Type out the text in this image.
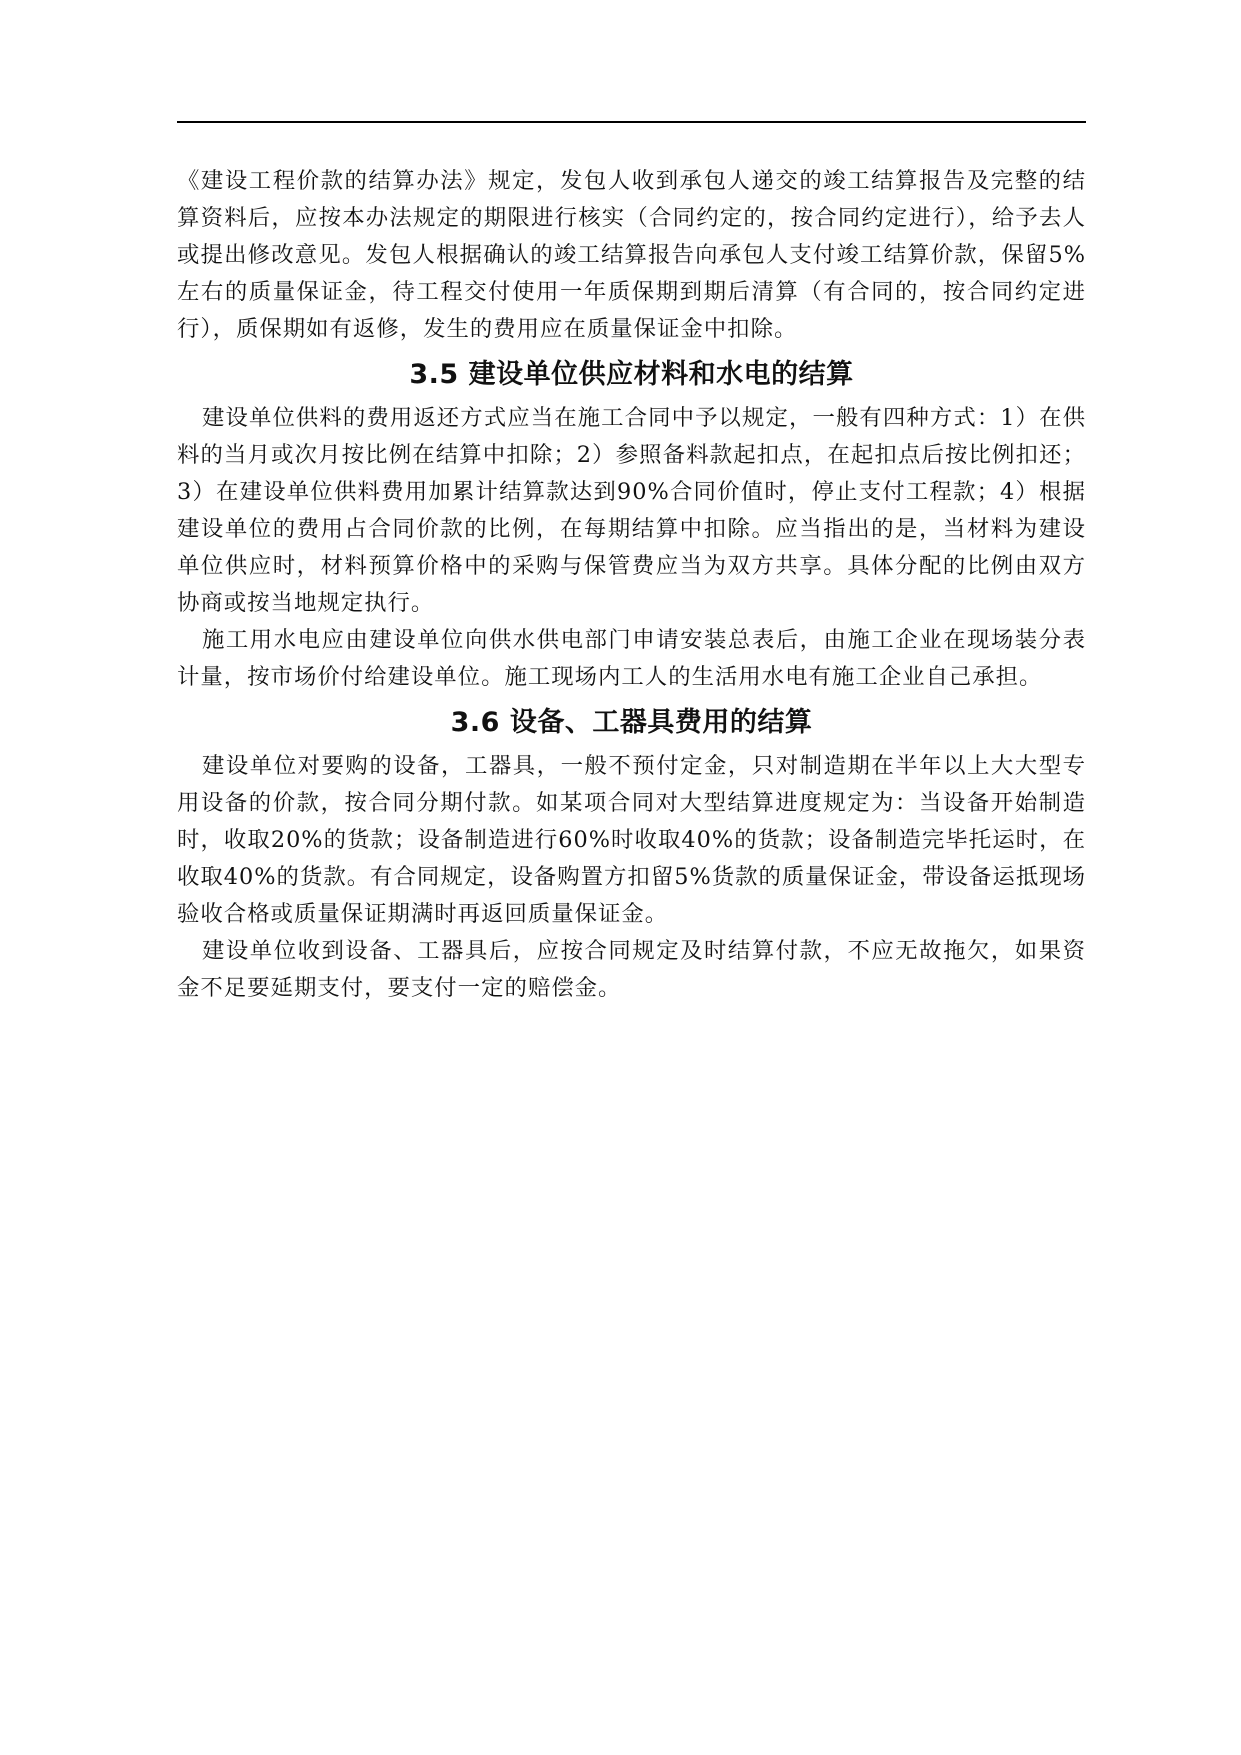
《建设工程价款的结算办法》规定，发包人收到承包人递交的竣工结算报告及完整的结算资料后，应按本办法规定的期限进行核实（合同约定的，按合同约定进行），给予去人或提出修改意见。发包人根据确认的竣工结算报告向承包人支付竣工结算价款，保留5%左右的质量保证金，待工程交付使用一年质保期到期后清算（有合同的，按合同约定进行），质保期如有返修，发生的费用应在质量保证金中扣除。

3.5 建设单位供应材料和水电的结算

建设单位供料的费用返还方式应当在施工合同中予以规定，一般有四种方式：1）在供料的当月或次月按比例在结算中扣除；2）参照备料款起扣点，在起扣点后按比例扣还；3）在建设单位供料费用加累计结算款达到90%合同价值时，停止支付工程款；4）根据建设单位的费用占合同价款的比例，在每期结算中扣除。应当指出的是，当材料为建设单位供应时，材料预算价格中的采购与保管费应当为双方共享。具体分配的比例由双方协商或按当地规定执行。

施工用水电应由建设单位向供水供电部门申请安装总表后，由施工企业在现场装分表计量，按市场价付给建设单位。施工现场内工人的生活用水电有施工企业自己承担。

3.6 设备、工器具费用的结算

建设单位对要购的设备，工器具，一般不预付定金，只对制造期在半年以上大大型专用设备的价款，按合同分期付款。如某项合同对大型结算进度规定为：当设备开始制造时，收取20%的货款；设备制造进行60%时收取40%的货款；设备制造完毕托运时，在收取40%的货款。有合同规定，设备购置方扣留5%货款的质量保证金，带设备运抵现场验收合格或质量保证期满时再返回质量保证金。

建设单位收到设备、工器具后，应按合同规定及时结算付款，不应无故拖欠，如果资金不足要延期支付，要支付一定的赔偿金。
